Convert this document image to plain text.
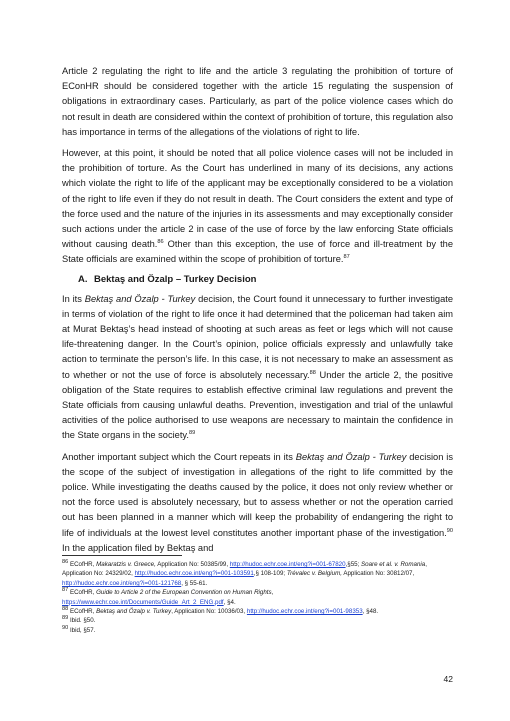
Article 2 regulating the right to life and the article 3 regulating the prohibition of torture of EConHR should be considered together with the article 15 regulating the suspension of obligations in extraordinary cases. Particularly, as part of the police violence cases which do not result in death are considered within the context of prohibition of torture, this regulation also has importance in terms of the allegations of the violations of right to life.

However, at this point, it should be noted that all police violence cases will not be included in the prohibition of torture. As the Court has underlined in many of its decisions, any actions which violate the right to life of the applicant may be exceptionally considered to be a violation of the right to life even if they do not result in death. The Court considers the extent and type of the force used and the nature of the injuries in its assessments and may exceptionally consider such actions under the article 2 in case of the use of force by the law enforcing State officials without causing death.$^{86}$ Other than this exception, the use of force and ill-treatment by the State officials are examined within the scope of prohibition of torture.$^{87}$

A. Bektaş and Özalp – Turkey Decision

In its Bektaş and Özalp - Turkey decision, the Court found it unnecessary to further investigate in terms of violation of the right to life once it had determined that the policeman had taken aim at Murat Bektaş’s head instead of shooting at such areas as feet or legs which will not cause life-threatening danger. In the Court’s opinion, police officials expressly and unlawfully take action to terminate the person’s life. In this case, it is not necessary to make an assessment as to whether or not the use of force is absolutely necessary.$^{88}$ Under the article 2, the positive obligation of the State requires to establish effective criminal law regulations and prevent the State officials from causing unlawful deaths. Prevention, investigation and trial of the unlawful activities of the police authorised to use weapons are necessary to maintain the confidence in the State organs in the society.$^{89}$

Another important subject which the Court repeats in its Bektaş and Özalp - Turkey decision is the scope of the subject of investigation in allegations of the right to life committed by the police. While investigating the deaths caused by the police, it does not only review whether or not the force used is absolutely necessary, but to assess whether or not the operation carried out has been planned in a manner which will keep the probability of endangering the right to life of individuals at the lowest level constitutes another important phase of the investigation.$^{90}$ In the application filed by Bektaş and

$^{86}$ ECofHR, Makaratzis v. Greece, Application No: 50385/99, http://hudoc.echr.coe.int/eng?i=001-67820,§55; Soare et al. v. Romania, Application No: 24329/02, http://hudoc.echr.coe.int/eng?i=001-103591,§ 108-109; Trévalec v. Belgium, Application No: 30812/07, http://hudoc.echr.coe.int/eng?i=001-121768, § 55-61.

$^{87}$ ECofHR, Guide to Article 2 of the European Convention on Human Rights,
https://www.echr.coe.int/Documents/Guide_Art_2_ENG.pdf, §4.

$^{88}$ ECofHR, Bektaş and Özalp v. Turkey, Application No: 10036/03, http://hudoc.echr.coe.int/eng?i=001-98353, §48.

$^{89}$ Ibid. §50.

$^{90}$ Ibid, §57.

42
